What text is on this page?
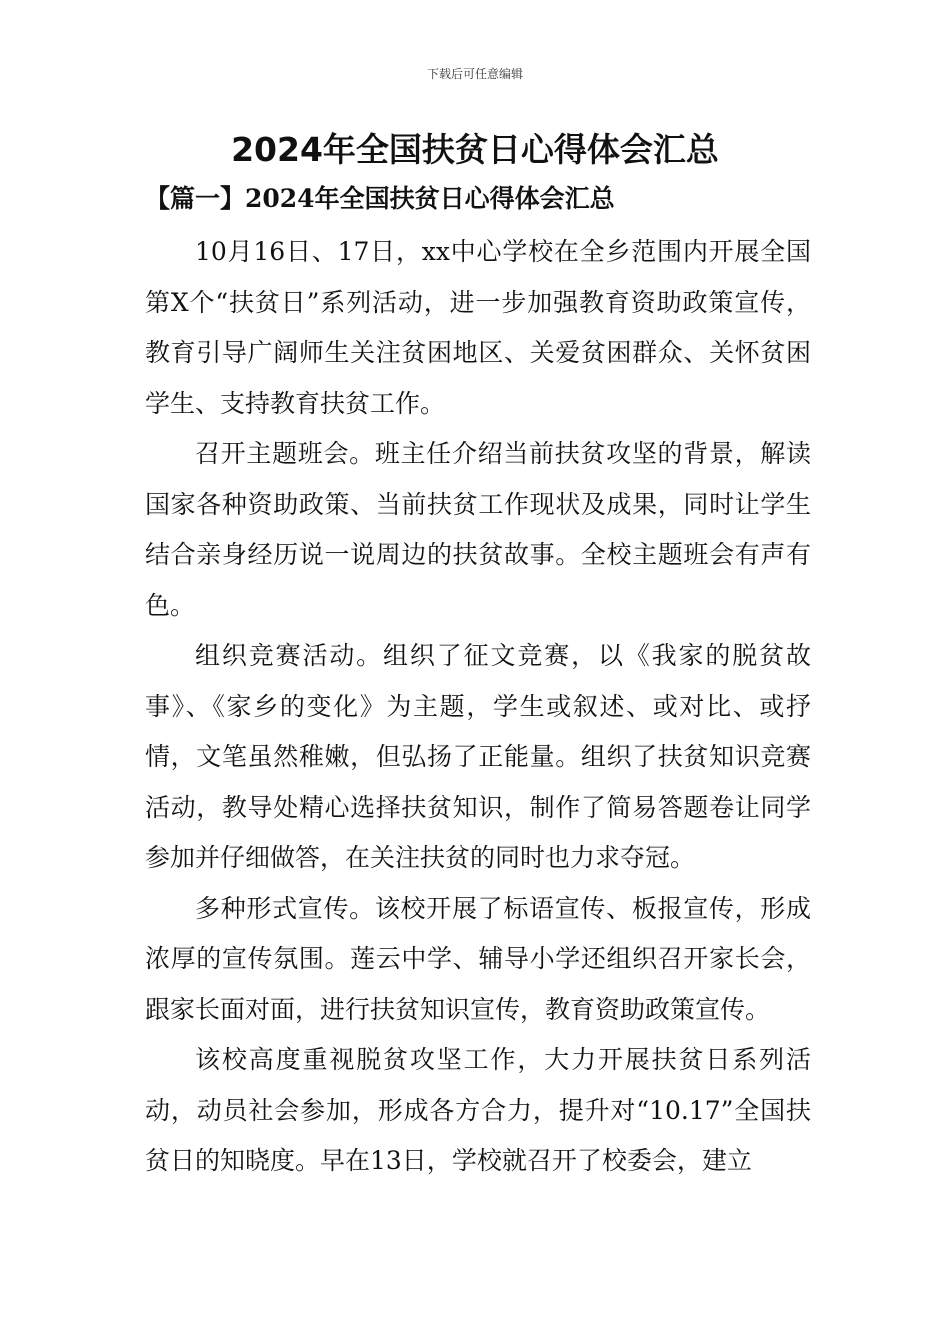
下载后可任意编辑
2024年全国扶贫日心得体会汇总
【篇一】2024年全国扶贫日心得体会汇总

10月16日、17日，xx中心学校在全乡范围内开展全国第X个“扶贫日”系列活动，进一步加强教育资助政策宣传，教育引导广阔师生关注贫困地区、关爱贫困群众、关怀贫困学生、支持教育扶贫工作。

召开主题班会。班主任介绍当前扶贫攻坚的背景，解读国家各种资助政策、当前扶贫工作现状及成果，同时让学生结合亲身经历说一说周边的扶贫故事。全校主题班会有声有色。

组织竞赛活动。组织了征文竞赛，以《我家的脱贫故事》、《家乡的变化》为主题，学生或叙述、或对比、或抒情，文笔虽然稚嫩，但弘扬了正能量。组织了扶贫知识竞赛活动，教导处精心选择扶贫知识，制作了简易答题卷让同学参加并仔细做答，在关注扶贫的同时也力求夺冠。

多种形式宣传。该校开展了标语宣传、板报宣传，形成浓厚的宣传氛围。莲云中学、辅导小学还组织召开家长会，跟家长面对面，进行扶贫知识宣传，教育资助政策宣传。

该校高度重视脱贫攻坚工作，大力开展扶贫日系列活动，动员社会参加，形成各方合力，提升对“10.17”全国扶贫日的知晓度。早在13日，学校就召开了校委会，建立
